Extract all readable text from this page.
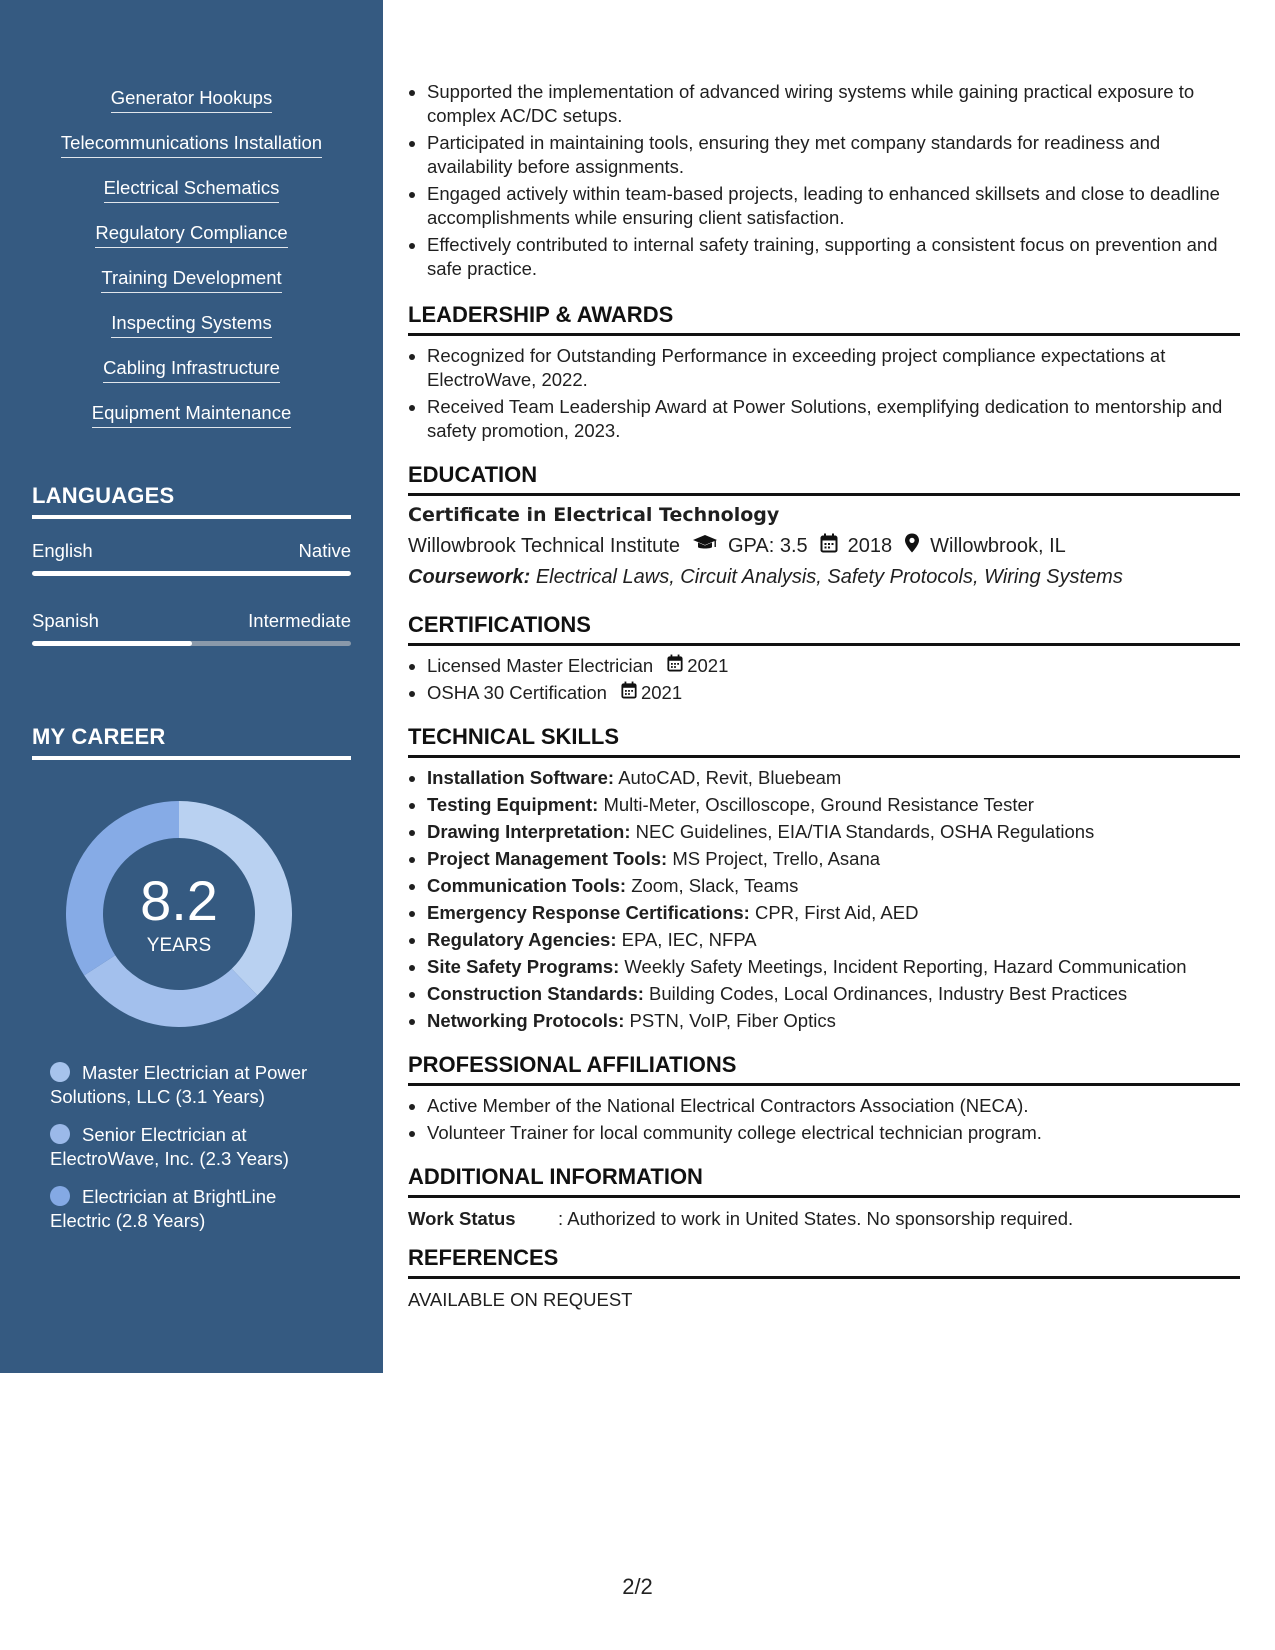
Generator Hookups
Telecommunications Installation
Electrical Schematics
Regulatory Compliance
Training Development
Inspecting Systems
Cabling Infrastructure
Equipment Maintenance
LANGUAGES
English	Native
Spanish	Intermediate
MY CAREER
8.2
YEARS
Master Electrician at Power Solutions, LLC (3.1 Years)
Senior Electrician at ElectroWave, Inc. (2.3 Years)
Electrician at BrightLine Electric (2.8 Years)
• Supported the implementation of advanced wiring systems while gaining practical exposure to complex AC/DC setups.
• Participated in maintaining tools, ensuring they met company standards for readiness and availability before assignments.
• Engaged actively within team-based projects, leading to enhanced skillsets and close to deadline accomplishments while ensuring client satisfaction.
• Effectively contributed to internal safety training, supporting a consistent focus on prevention and safe practice.
LEADERSHIP & AWARDS
• Recognized for Outstanding Performance in exceeding project compliance expectations at ElectroWave, 2022.
• Received Team Leadership Award at Power Solutions, exemplifying dedication to mentorship and safety promotion, 2023.
EDUCATION
Certificate in Electrical Technology
Willowbrook Technical Institute GPA: 3.5 2018 Willowbrook, IL
Coursework: Electrical Laws, Circuit Analysis, Safety Protocols, Wiring Systems
CERTIFICATIONS
• Licensed Master Electrician 2021
• OSHA 30 Certification 2021
TECHNICAL SKILLS
• Installation Software: AutoCAD, Revit, Bluebeam
• Testing Equipment: Multi-Meter, Oscilloscope, Ground Resistance Tester
• Drawing Interpretation: NEC Guidelines, EIA/TIA Standards, OSHA Regulations
• Project Management Tools: MS Project, Trello, Asana
• Communication Tools: Zoom, Slack, Teams
• Emergency Response Certifications: CPR, First Aid, AED
• Regulatory Agencies: EPA, IEC, NFPA
• Site Safety Programs: Weekly Safety Meetings, Incident Reporting, Hazard Communication
• Construction Standards: Building Codes, Local Ordinances, Industry Best Practices
• Networking Protocols: PSTN, VoIP, Fiber Optics
PROFESSIONAL AFFILIATIONS
• Active Member of the National Electrical Contractors Association (NECA).
• Volunteer Trainer for local community college electrical technician program.
ADDITIONAL INFORMATION
Work Status	: Authorized to work in United States. No sponsorship required.
REFERENCES
AVAILABLE ON REQUEST
2/2
